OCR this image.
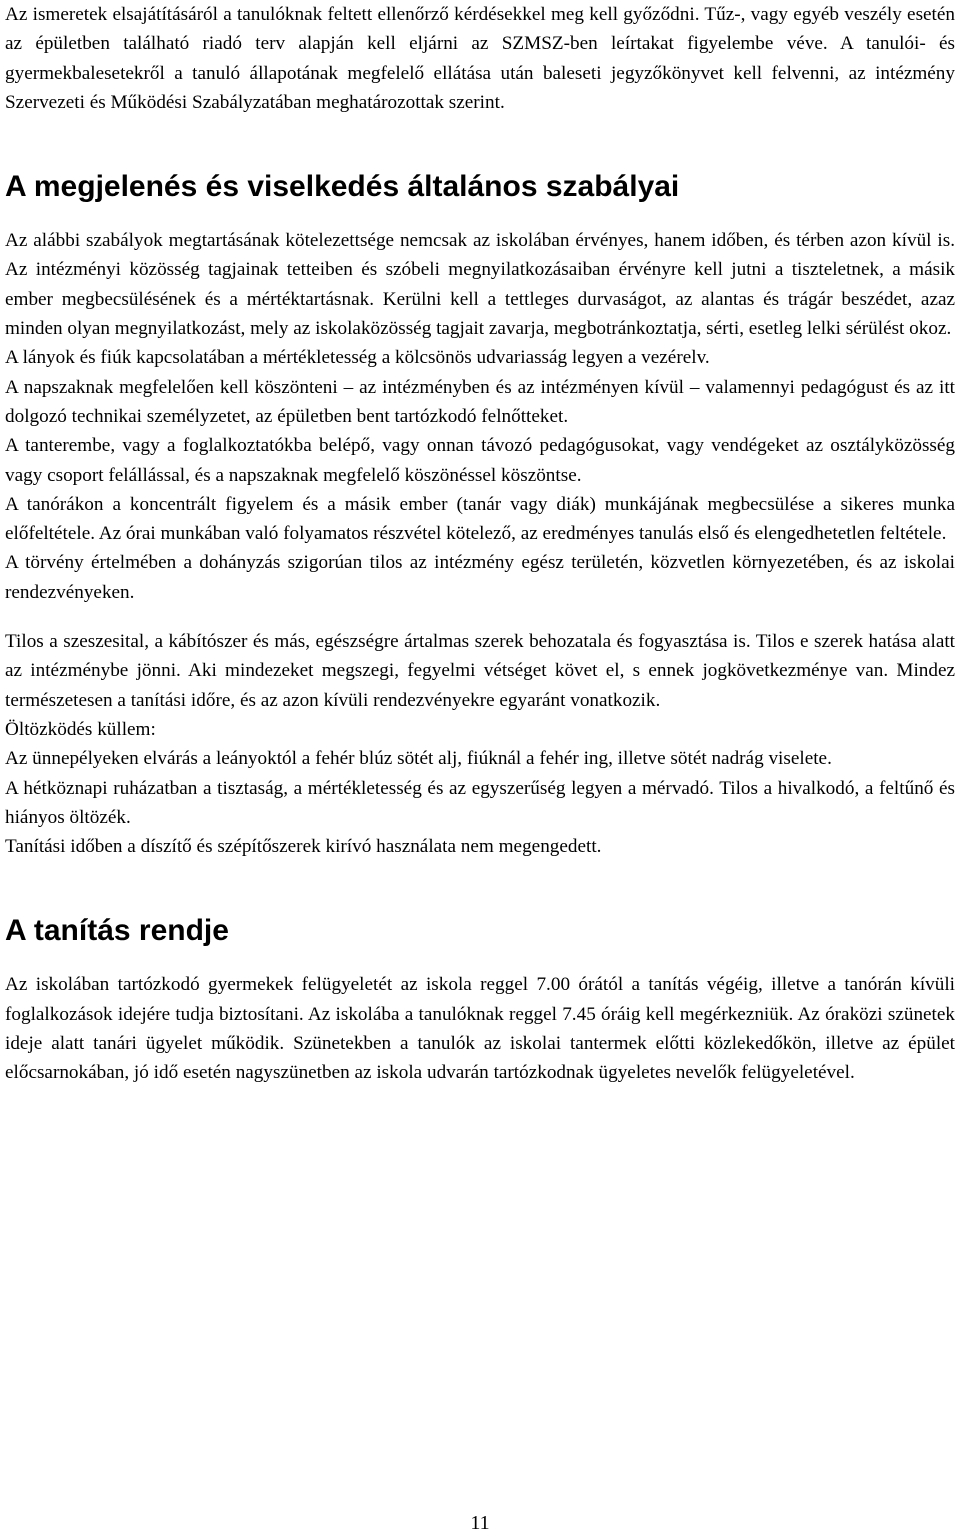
Az ismeretek elsajátításáról a tanulóknak feltett ellenőrző kérdésekkel meg kell győződni. Tűz-, vagy egyéb veszély esetén az épületben található riadó terv alapján kell eljárni az SZMSZ-ben leírtakat figyelembe véve. A tanulói- és gyermekbalesetekről a tanuló állapotának megfelelő ellátása után baleseti jegyzőkönyvet kell felvenni, az intézmény Szervezeti és Működési Szabályzatában meghatározottak szerint.

A megjelenés és viselkedés általános szabályai

Az alábbi szabályok megtartásának kötelezettsége nemcsak az iskolában érvényes, hanem időben, és térben azon kívül is. Az intézményi közösség tagjainak tetteiben és szóbeli megnyilatkozásaiban érvényre kell jutni a tiszteletnek, a másik ember megbecsülésének és a mértéktartásnak. Kerülni kell a tettleges durvaságot, az alantas és trágár beszédet, azaz minden olyan megnyilatkozást, mely az iskolaközösség tagjait zavarja, megbotránkoztatja, sérti, esetleg lelki sérülést okoz.

A lányok és fiúk kapcsolatában a mértékletesség a kölcsönös udvariasság legyen a vezérelv.

A napszaknak megfelelően kell köszönteni – az intézményben és az intézményen kívül – valamennyi pedagógust és az itt dolgozó technikai személyzetet, az épületben bent tartózkodó felnőtteket.

A tanterembe, vagy a foglalkoztatókba belépő, vagy onnan távozó pedagógusokat, vagy vendégeket az osztályközösség vagy csoport felállással, és a napszaknak megfelelő köszönéssel köszöntse.

A tanórákon a koncentrált figyelem és a másik ember (tanár vagy diák) munkájának megbecsülése a sikeres munka előfeltétele. Az órai munkában való folyamatos részvétel kötelező, az eredményes tanulás első és elengedhetetlen feltétele.

A törvény értelmében a dohányzás szigorúan tilos az intézmény egész területén, közvetlen környezetében, és az iskolai rendezvényeken.

Tilos a szeszesital, a kábítószer és más, egészségre ártalmas szerek behozatala és fogyasztása is. Tilos e szerek hatása alatt az intézménybe jönni. Aki mindezeket megszegi, fegyelmi vétséget követ el, s ennek jogkövetkezménye van. Mindez természetesen a tanítási időre, és az azon kívüli rendezvényekre egyaránt vonatkozik.

Öltözködés küllem:

Az ünnepélyeken elvárás a leányoktól a fehér blúz sötét alj, fiúknál a fehér ing, illetve sötét nadrág viselete.

A hétköznapi ruházatban a tisztaság, a mértékletesség és az egyszerűség legyen a mérvadó. Tilos a hivalkodó, a feltűnő és hiányos öltözék.

Tanítási időben a díszítő és szépítőszerek kirívó használata nem megengedett.

A tanítás rendje

Az iskolában tartózkodó gyermekek felügyeletét az iskola reggel 7.00 órától a tanítás végéig, illetve a tanórán kívüli foglalkozások idejére tudja biztosítani. Az iskolába a tanulóknak reggel 7.45 óráig kell megérkezniük. Az óraközi szünetek ideje alatt tanári ügyelet működik. Szünetekben a tanulók az iskolai tantermek előtti közlekedőkön, illetve az épület előcsarnokában, jó idő esetén nagyszünetben az iskola udvarán tartózkodnak ügyeletes nevelők felügyeletével.

11
